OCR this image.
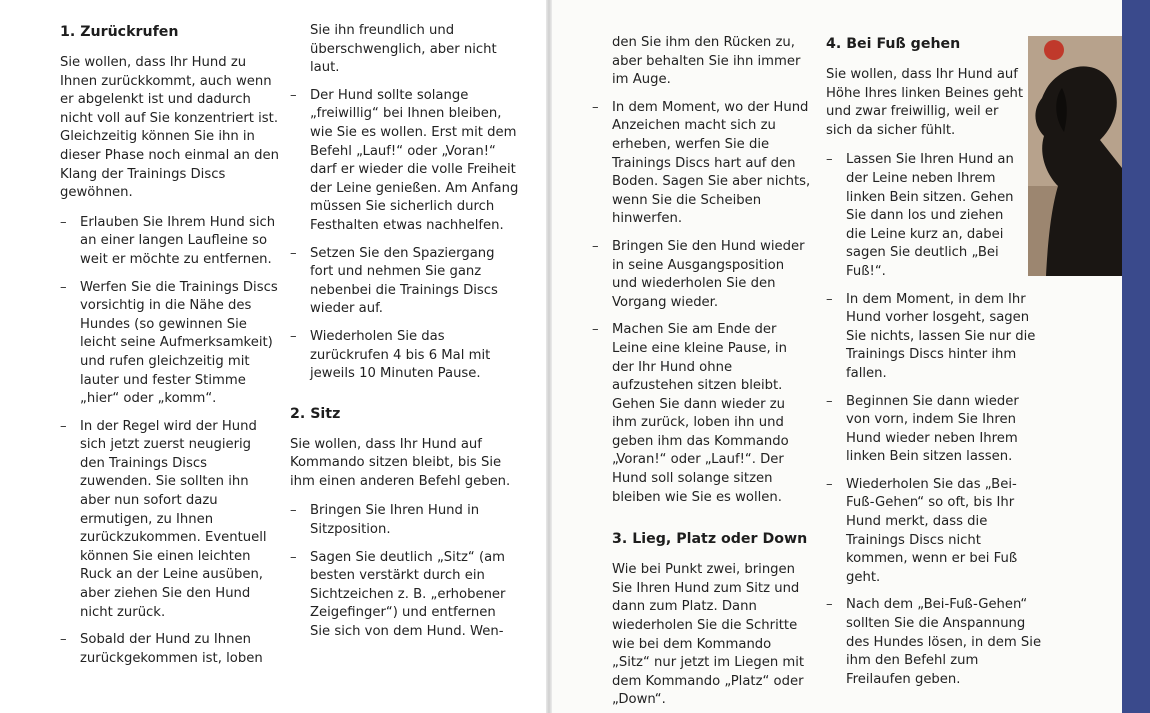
1. Zurückrufen

Sie wollen, dass Ihr Hund zu Ihnen zurückkommt, auch wenn er abgelenkt ist und dadurch nicht voll auf Sie konzentriert ist. Gleichzeitig können Sie ihn in dieser Phase noch einmal an den Klang der Trainings Discs gewöhnen.

– Erlauben Sie Ihrem Hund sich an einer langen Laufleine so weit er möchte zu entfernen.
– Werfen Sie die Trainings Discs vorsichtig in die Nähe des Hundes (so gewinnen Sie leicht seine Aufmerksamkeit) und rufen gleichzeitig mit lauter und fester Stimme „hier“ oder „komm“.
– In der Regel wird der Hund sich jetzt zuerst neugierig den Trainings Discs zuwenden. Sie sollten ihn aber nun sofort dazu ermutigen, zu Ihnen zurückzukommen. Eventuell können Sie einen leichten Ruck an der Leine ausüben, aber ziehen Sie den Hund nicht zurück.
– Sobald der Hund zu Ihnen zurückgekommen ist, loben

Sie ihn freundlich und überschwenglich, aber nicht laut.

– Der Hund sollte solange „freiwillig“ bei Ihnen bleiben, wie Sie es wollen. Erst mit dem Befehl „Lauf!“ oder „Voran!“ darf er wieder die volle Freiheit der Leine genießen. Am Anfang müssen Sie sicherlich durch Festhalten etwas nachhelfen.
– Setzen Sie den Spaziergang fort und nehmen Sie ganz nebenbei die Trainings Discs wieder auf.
– Wiederholen Sie das zurückrufen 4 bis 6 Mal mit jeweils 10 Minuten Pause.
2. Sitz

Sie wollen, dass Ihr Hund auf Kommando sitzen bleibt, bis Sie ihm einen anderen Befehl geben.

– Bringen Sie Ihren Hund in Sitzposition.
– Sagen Sie deutlich „Sitz“ (am besten verstärkt durch ein Sichtzeichen z. B. „erhobener Zeigefinger“) und entfernen Sie sich von dem Hund. Wen-

den Sie ihm den Rücken zu, aber behalten Sie ihn immer im Auge.

– In dem Moment, wo der Hund Anzeichen macht sich zu erheben, werfen Sie die Trainings Discs hart auf den Boden. Sagen Sie aber nichts, wenn Sie die Scheiben hinwerfen.
– Bringen Sie den Hund wieder in seine Ausgangsposition und wiederholen Sie den Vorgang wieder.
– Machen Sie am Ende der Leine eine kleine Pause, in der Ihr Hund ohne aufzustehen sitzen bleibt. Gehen Sie dann wieder zu ihm zurück, loben ihn und geben ihm das Kommando „Voran!“ oder „Lauf!“. Der Hund soll solange sitzen bleiben wie Sie es wollen.
3. Lieg, Platz oder Down

Wie bei Punkt zwei, bringen Sie Ihren Hund zum Sitz und dann zum Platz. Dann wiederholen Sie die Schritte wie bei dem Kommando „Sitz“ nur jetzt im Liegen mit dem Kommando „Platz“ oder „Down“.

4. Bei Fuß gehen

Sie wollen, dass Ihr Hund auf Höhe Ihres linken Beines geht und zwar freiwillig, weil er sich da sicher fühlt.

– Lassen Sie Ihren Hund an der Leine neben Ihrem linken Bein sitzen. Gehen Sie dann los und ziehen die Leine kurz an, dabei sagen Sie deutlich „Bei Fuß!“.
– In dem Moment, in dem Ihr Hund vorher losgeht, sagen Sie nichts, lassen Sie nur die Trainings Discs hinter ihm fallen.
– Beginnen Sie dann wieder von vorn, indem Sie Ihren Hund wieder neben Ihrem linken Bein sitzen lassen.
– Wiederholen Sie das „Bei-Fuß-Gehen“ so oft, bis Ihr Hund merkt, dass die Trainings Discs nicht kommen, wenn er bei Fuß geht.
– Nach dem „Bei-Fuß-Gehen“ sollten Sie die Anspannung des Hundes lösen, in dem Sie ihm den Befehl zum Freilaufen geben.
